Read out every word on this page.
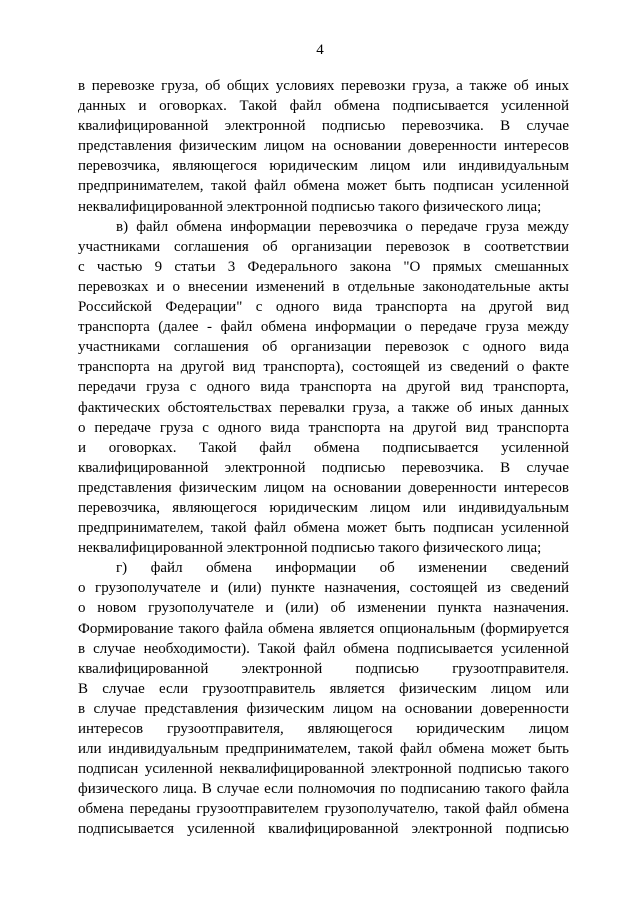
4
в перевозке груза, об общих условиях перевозки груза, а также об иных
данных и оговорках. Такой файл обмена подписывается усиленной
квалифицированной электронной подписью перевозчика. В случае
представления физическим лицом на основании доверенности интересов
перевозчика, являющегося юридическим лицом или индивидуальным
предпринимателем, такой файл обмена может быть подписан усиленной
неквалифицированной электронной подписью такого физического лица;
в) файл обмена информации перевозчика о передаче груза между
участниками соглашения об организации перевозок в соответствии
с частью 9 статьи 3 Федерального закона "О прямых смешанных
перевозках и о внесении изменений в отдельные законодательные акты
Российской Федерации" с одного вида транспорта на другой вид
транспорта (далее - файл обмена информации о передаче груза между
участниками соглашения об организации перевозок с одного вида
транспорта на другой вид транспорта), состоящей из сведений о факте
передачи груза с одного вида транспорта на другой вид транспорта,
фактических обстоятельствах перевалки груза, а также об иных данных
о передаче груза с одного вида транспорта на другой вид транспорта
и оговорках. Такой файл обмена подписывается усиленной
квалифицированной электронной подписью перевозчика. В случае
представления физическим лицом на основании доверенности интересов
перевозчика, являющегося юридическим лицом или индивидуальным
предпринимателем, такой файл обмена может быть подписан усиленной
неквалифицированной электронной подписью такого физического лица;
г) файл обмена информации об изменении сведений
о грузополучателе и (или) пункте назначения, состоящей из сведений
о новом грузополучателе и (или) об изменении пункта назначения.
Формирование такого файла обмена является опциональным (формируется
в случае необходимости). Такой файл обмена подписывается усиленной
квалифицированной электронной подписью грузоотправителя.
В случае если грузоотправитель является физическим лицом или
в случае представления физическим лицом на основании доверенности
интересов грузоотправителя, являющегося юридическим лицом
или индивидуальным предпринимателем, такой файл обмена может быть
подписан усиленной неквалифицированной электронной подписью такого
физического лица. В случае если полномочия по подписанию такого файла
обмена переданы грузоотправителем грузополучателю, такой файл обмена
подписывается усиленной квалифицированной электронной подписью
